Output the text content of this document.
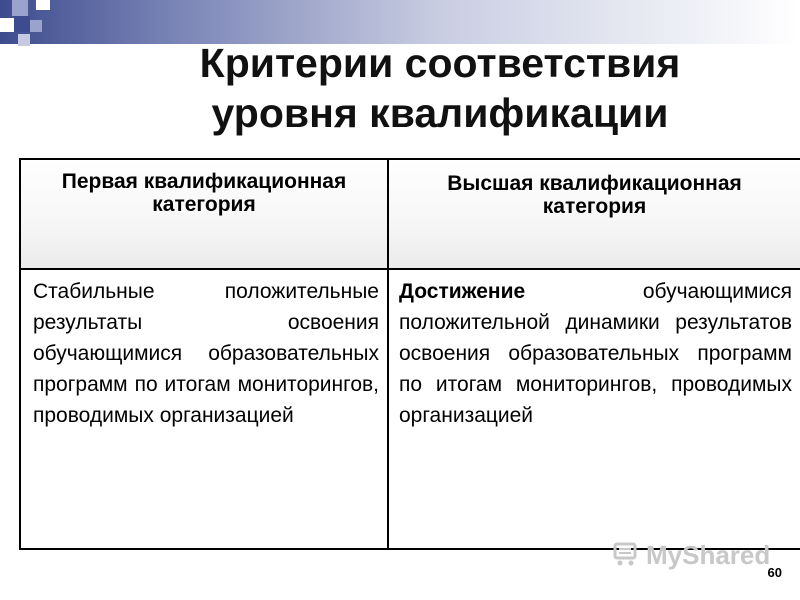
Критерии соответствия
уровня квалификации
Первая квалификационная категория	Высшая квалификационная категория
Стабильные положительные результаты освоения обучающимися образовательных программ по итогам мониторингов, проводимых организацией	Достижение обучающимися положительной динамики результатов освоения образовательных программ по итогам мониторингов, проводимых организацией
MyShared
60
